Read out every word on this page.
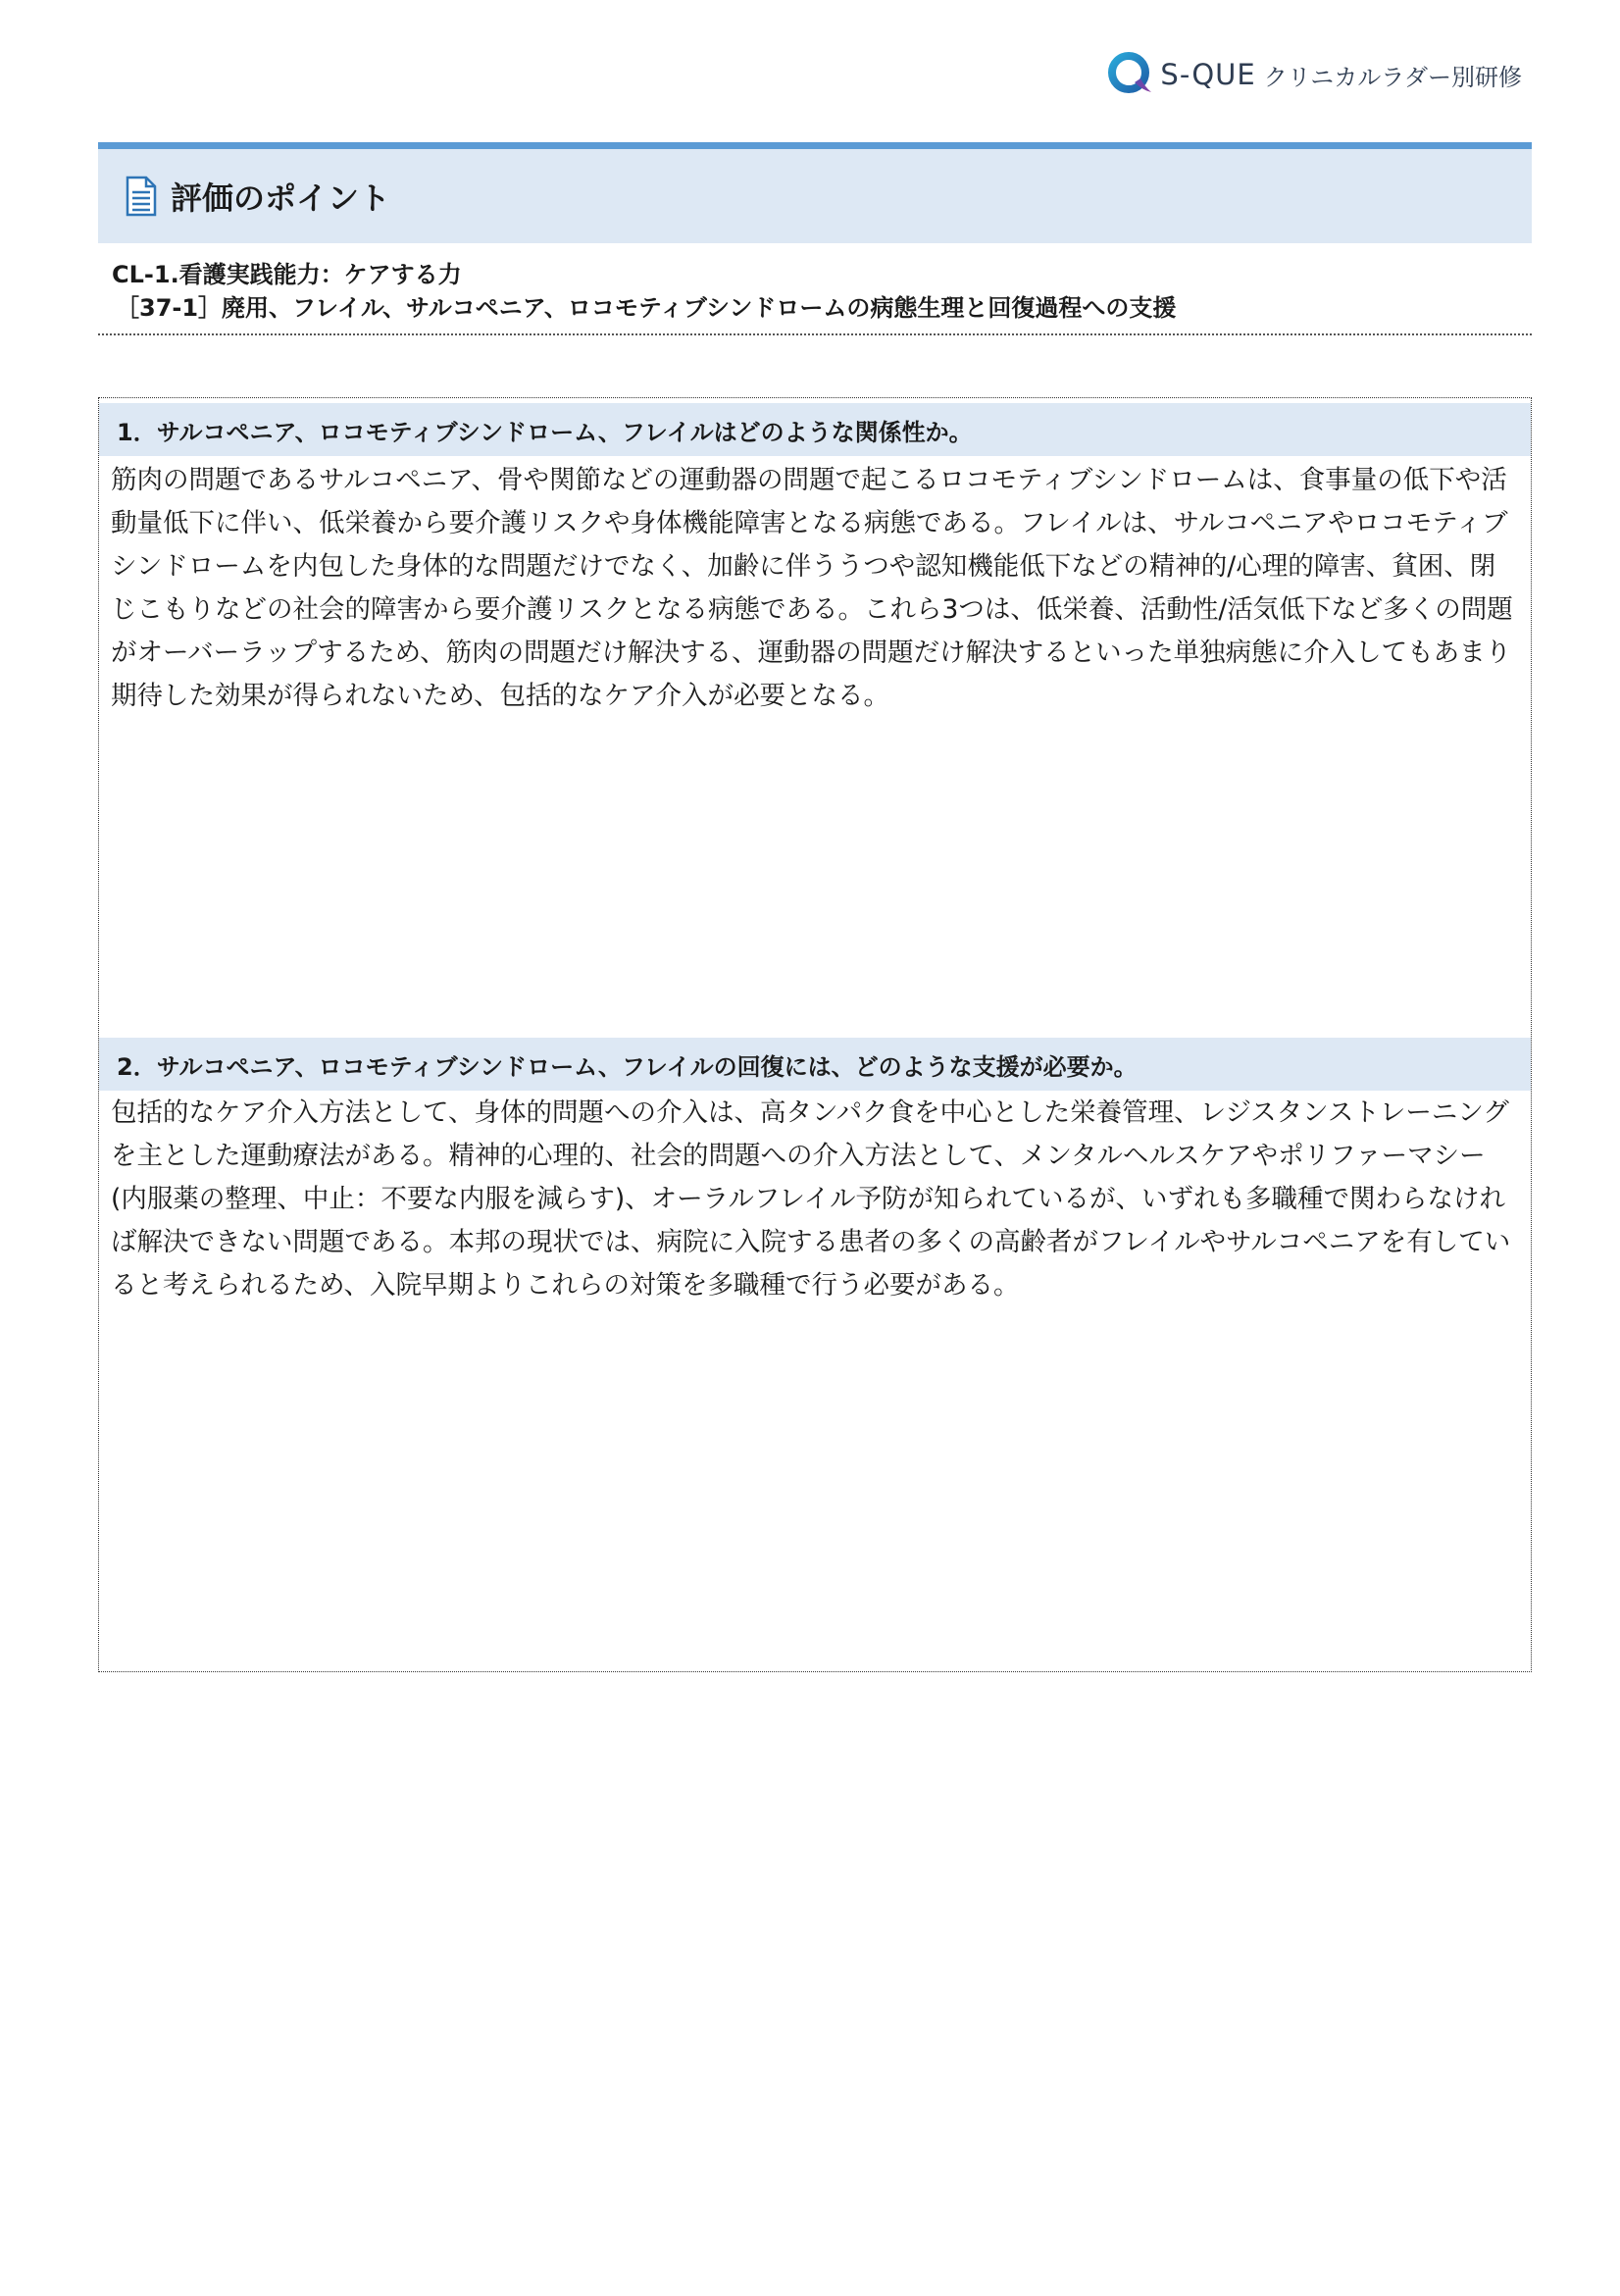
S-QUE クリニカルラダー別研修
評価のポイント
CL-1.看護実践能力：ケアする力
［37-1］廃用、フレイル、サルコペニア、ロコモティブシンドロームの病態生理と回復過程への支援
1．サルコペニア、ロコモティブシンドローム、フレイルはどのような関係性か。
筋肉の問題であるサルコペニア、骨や関節などの運動器の問題で起こるロコモティブシンドロームは、食事量の低下や活動量低下に伴い、低栄養から要介護リスクや身体機能障害となる病態である。フレイルは、サルコペニアやロコモティブシンドロームを内包した身体的な問題だけでなく、加齢に伴ううつや認知機能低下などの精神的/心理的障害、貧困、閉じこもりなどの社会的障害から要介護リスクとなる病態である。これら3つは、低栄養、活動性/活気低下など多くの問題がオーバーラップするため、筋肉の問題だけ解決する、運動器の問題だけ解決するといった単独病態に介入してもあまり期待した効果が得られないため、包括的なケア介入が必要となる。
2．サルコペニア、ロコモティブシンドローム、フレイルの回復には、どのような支援が必要か。
包括的なケア介入方法として、身体的問題への介入は、高タンパク食を中心とした栄養管理、レジスタンストレーニングを主とした運動療法がある。精神的心理的、社会的問題への介入方法として、メンタルヘルスケアやポリファーマシー(内服薬の整理、中止：不要な内服を減らす)、オーラルフレイル予防が知られているが、いずれも多職種で関わらなければ解決できない問題である。本邦の現状では、病院に入院する患者の多くの高齢者がフレイルやサルコペニアを有していると考えられるため、入院早期よりこれらの対策を多職種で行う必要がある。
